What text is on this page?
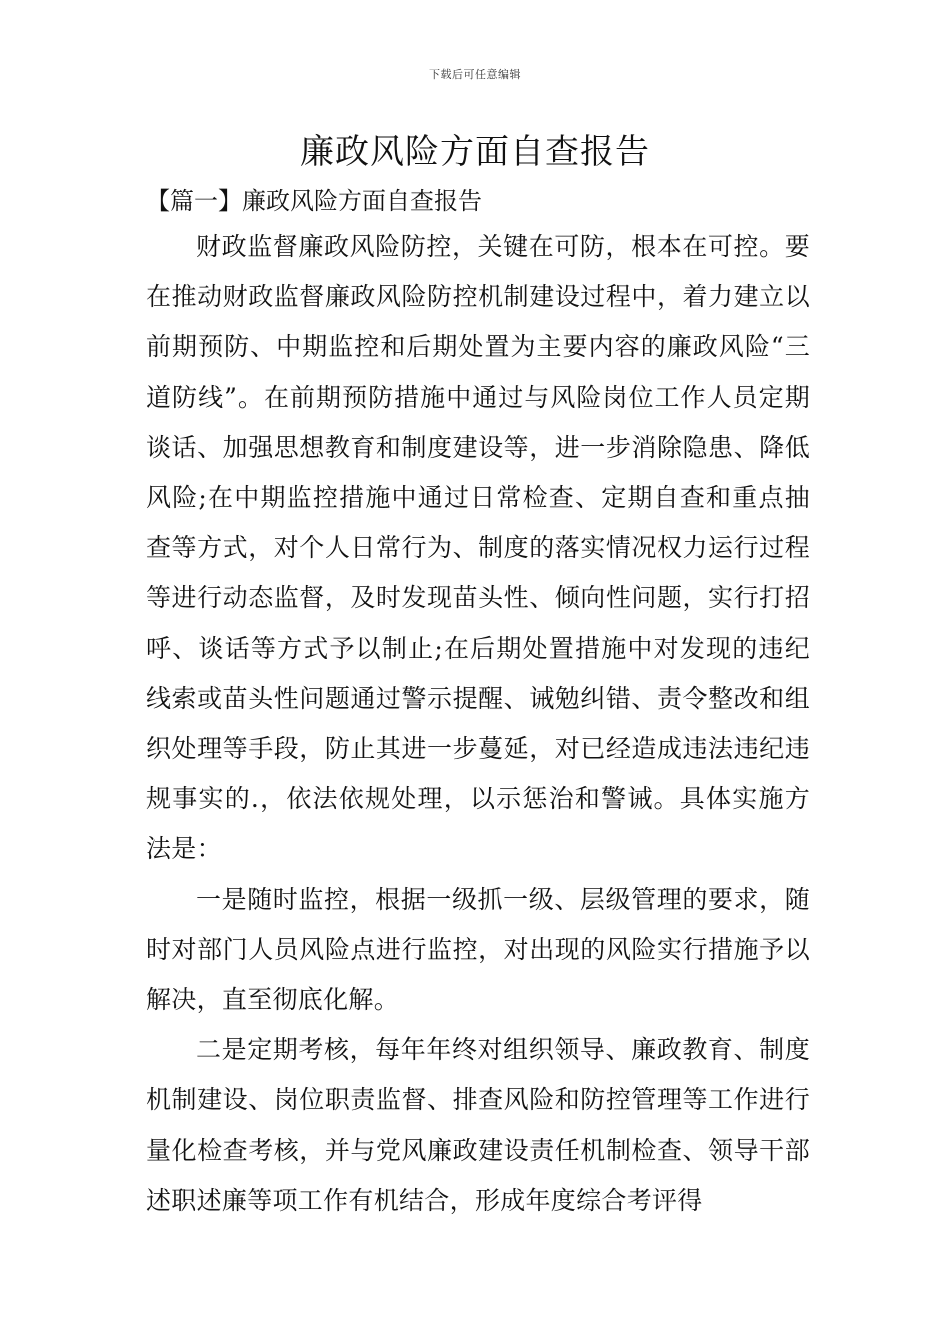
下载后可任意编辑
廉政风险方面自查报告
【篇一】廉政风险方面自查报告

财政监督廉政风险防控，关键在可防，根本在可控。要在推动财政监督廉政风险防控机制建设过程中，着力建立以前期预防、中期监控和后期处置为主要内容的廉政风险“三道防线”。在前期预防措施中通过与风险岗位工作人员定期谈话、加强思想教育和制度建设等，进一步消除隐患、降低风险;在中期监控措施中通过日常检查、定期自查和重点抽查等方式，对个人日常行为、制度的落实情况权力运行过程等进行动态监督，及时发现苗头性、倾向性问题，实行打招呼、谈话等方式予以制止;在后期处置措施中对发现的违纪线索或苗头性问题通过警示提醒、诫勉纠错、责令整改和组织处理等手段，防止其进一步蔓延，对已经造成违法违纪违规事实的.，依法依规处理，以示惩治和警诫。具体实施方法是：

一是随时监控，根据一级抓一级、层级管理的要求，随时对部门人员风险点进行监控，对出现的风险实行措施予以解决，直至彻底化解。

二是定期考核，每年年终对组织领导、廉政教育、制度机制建设、岗位职责监督、排查风险和防控管理等工作进行量化检查考核，并与党风廉政建设责任机制检查、领导干部述职述廉等项工作有机结合，形成年度综合考评得
